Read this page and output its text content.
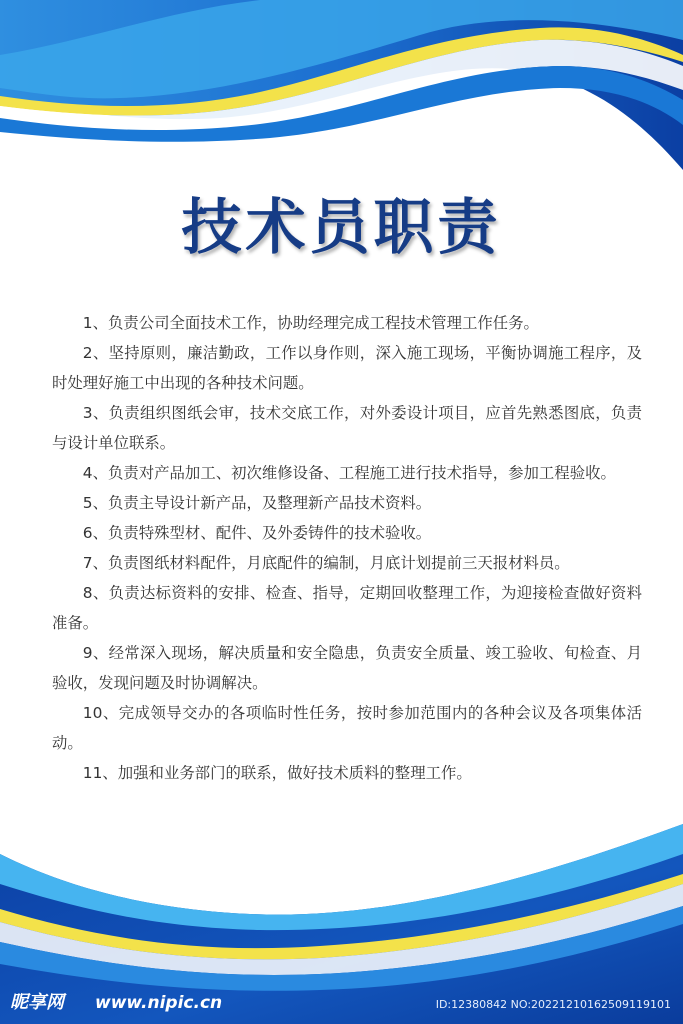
技术员职责

1、负责公司全面技术工作，协助经理完成工程技术管理工作任务。

2、坚持原则，廉洁勤政，工作以身作则，深入施工现场，平衡协调施工程序，及时处理好施工中出现的各种技术问题。

3、负责组织图纸会审，技术交底工作，对外委设计项目，应首先熟悉图底，负责与设计单位联系。

4、负责对产品加工、初次维修设备、工程施工进行技术指导，参加工程验收。

5、负责主导设计新产品，及整理新产品技术资料。

6、负责特殊型材、配件、及外委铸件的技术验收。

7、负责图纸材料配件，月底配件的编制，月底计划提前三天报材料员。

8、负责达标资料的安排、检查、指导，定期回收整理工作，为迎接检查做好资料准备。

9、经常深入现场，解决质量和安全隐患，负责安全质量、竣工验收、旬检查、月验收，发现问题及时协调解决。

10、完成领导交办的各项临时性任务，按时参加范围内的各种会议及各项集体活动。

11、加强和业务部门的联系，做好技术质料的整理工作。

昵享网 www.nipic.cn	ID:12380842 NO:20221210162509119101
